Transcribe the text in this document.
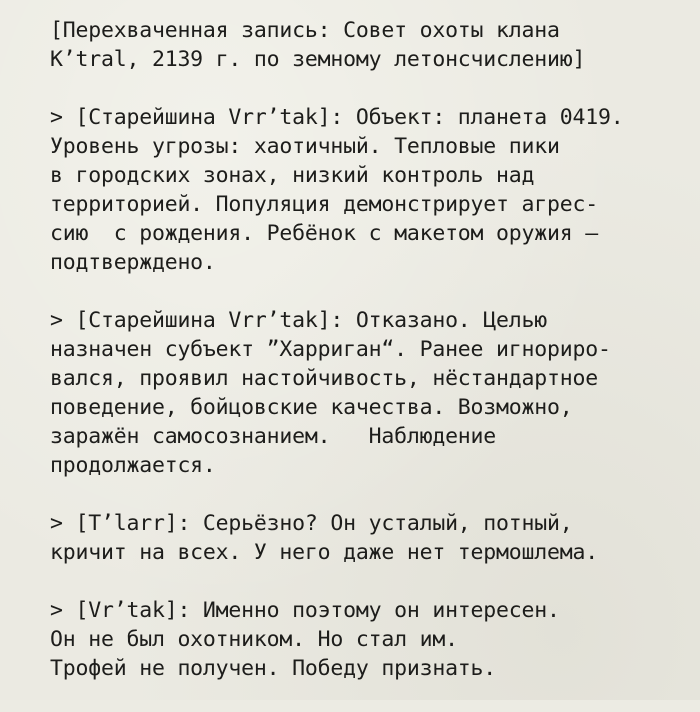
[Перехваченная запись: Совет охоты клана
K’tral, 2139 г. по земному летонсчислению]
> [Старейшина Vrr’tak]: Объект: планета 0419.
Уровень угрозы: хаотичный. Тепловые пики
в городских зонах, низкий контроль над
территорией. Популяция демонстрирует агрес-
сию  с рождения. Ребёнок с макетом оружия —
подтверждено.
> [Старейшина Vrr’tak]: Отказано. Целью
назначен субъект ”Харриган“. Ранее игнориро-
вался, проявил настойчивость, нёстандартное
поведение, бойцовские качества. Возможно,
заражён самосознанием.   Наблюдение
продолжается.
> [T’larr]: Серьёзно? Он усталый, потный,
кричит на всех. У него даже нет термошлема.
> [Vr’tak]: Именно поэтому он интересен.
Он не был охотником. Но стал им.
Трофей не получен. Победу признать.
